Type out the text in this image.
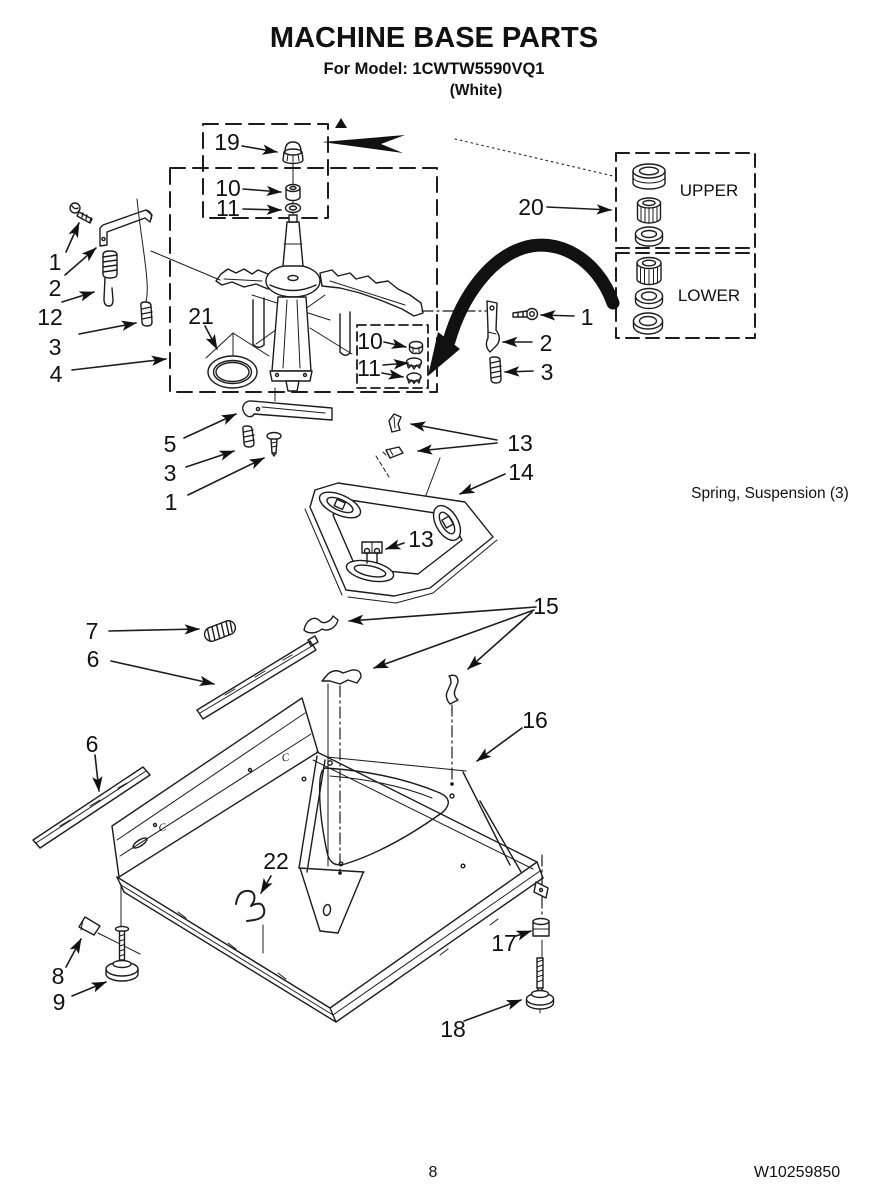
MACHINE BASE PARTS
For Model: 1CWTW5590VQ1
(White)
19
10
11
1
2
12
3
4
21
20
1
2
3
10
11
5
3
1
13
14
13
15
7
6
6
16
22
8
9
17
18
UPPER
LOWER
Spring, Suspension (3)
C
C
8	W10259850
